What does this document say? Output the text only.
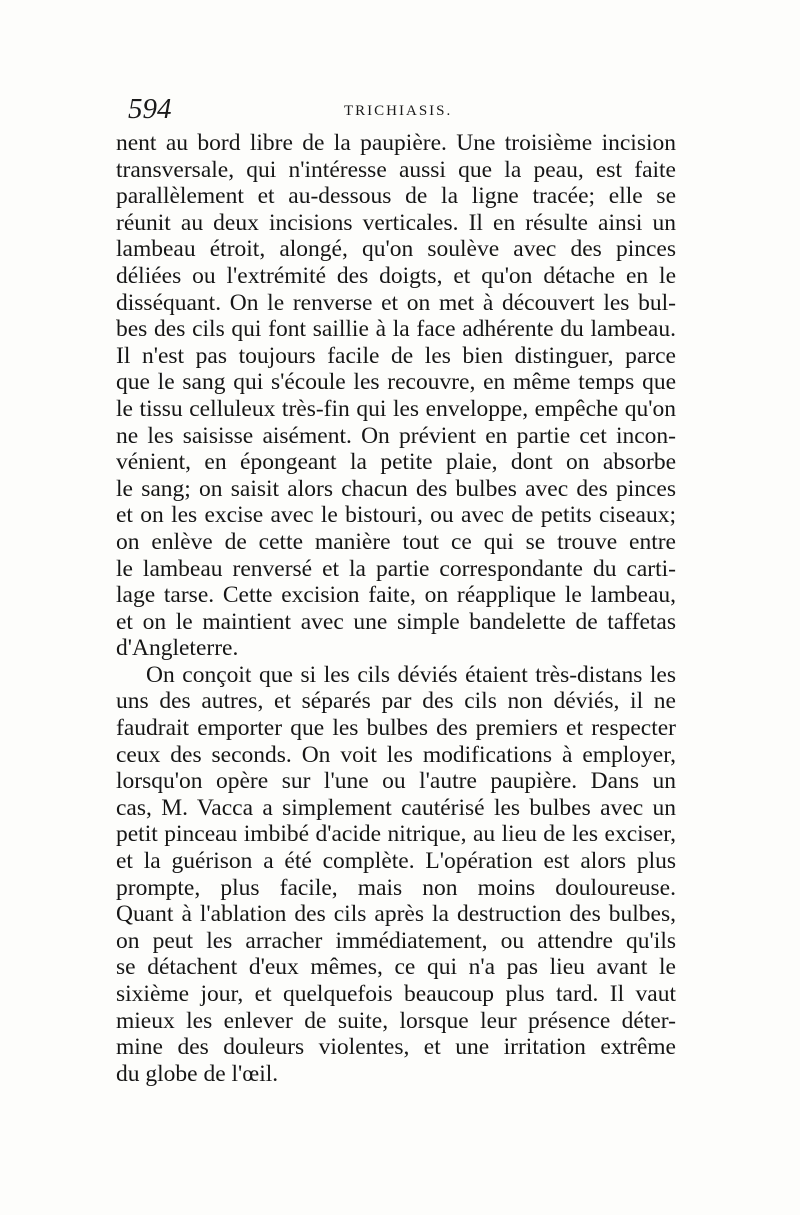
594	TRICHIASIS.
nent au bord libre de la paupière. Une troisième incision
transversale, qui n'intéresse aussi que la peau, est faite
parallèlement et au-dessous de la ligne tracée; elle se
réunit au deux incisions verticales. Il en résulte ainsi un
lambeau étroit, alongé, qu'on soulève avec des pinces
déliées ou l'extrémité des doigts, et qu'on détache en le
disséquant. On le renverse et on met à découvert les bul-
bes des cils qui font saillie à la face adhérente du lambeau.
Il n'est pas toujours facile de les bien distinguer, parce
que le sang qui s'écoule les recouvre, en même temps que
le tissu celluleux très-fin qui les enveloppe, empêche qu'on
ne les saisisse aisément. On prévient en partie cet incon-
vénient, en épongeant la petite plaie, dont on absorbe
le sang; on saisit alors chacun des bulbes avec des pinces
et on les excise avec le bistouri, ou avec de petits ciseaux;
on enlève de cette manière tout ce qui se trouve entre
le lambeau renversé et la partie correspondante du carti-
lage tarse. Cette excision faite, on réapplique le lambeau,
et on le maintient avec une simple bandelette de taffetas
d'Angleterre.
On conçoit que si les cils déviés étaient très-distans les
uns des autres, et séparés par des cils non déviés, il ne
faudrait emporter que les bulbes des premiers et respecter
ceux des seconds. On voit les modifications à employer,
lorsqu'on opère sur l'une ou l'autre paupière. Dans un
cas, M. Vacca a simplement cautérisé les bulbes avec un
petit pinceau imbibé d'acide nitrique, au lieu de les exciser,
et la guérison a été complète. L'opération est alors plus
prompte, plus facile, mais non moins douloureuse.
Quant à l'ablation des cils après la destruction des bulbes,
on peut les arracher immédiatement, ou attendre qu'ils
se détachent d'eux mêmes, ce qui n'a pas lieu avant le
sixième jour, et quelquefois beaucoup plus tard. Il vaut
mieux les enlever de suite, lorsque leur présence déter-
mine des douleurs violentes, et une irritation extrême
du globe de l'œil.
